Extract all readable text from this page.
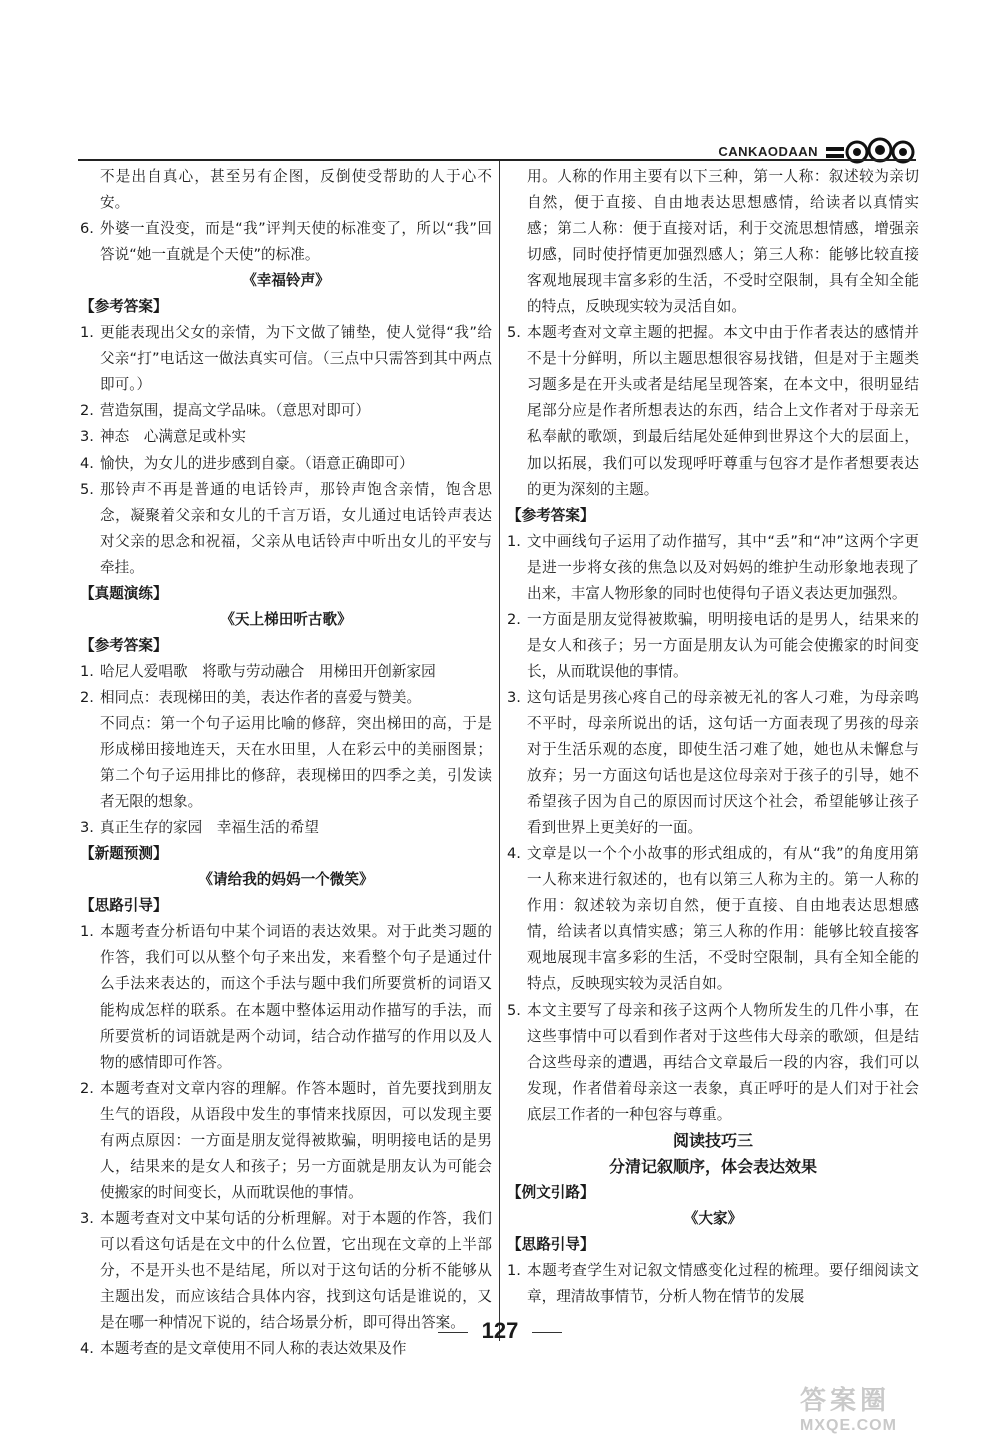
CANKAODAAN
不是出自真心，甚至另有企图，反倒使受帮助的人于心不安。
6. 外婆一直没变，而是“我”评判天使的标准变了，所以“我”回答说“她一直就是个天使”的标准。
《幸福铃声》
【参考答案】
1. 更能表现出父女的亲情，为下文做了铺垫，使人觉得“我”给父亲“打”电话这一做法真实可信。（三点中只需答到其中两点即可。）
2. 营造氛围，提高文学品味。（意思对即可）
3. 神态　心满意足或朴实
4. 愉快，为女儿的进步感到自豪。（语意正确即可）
5. 那铃声不再是普通的电话铃声，那铃声饱含亲情，饱含思念，凝聚着父亲和女儿的千言万语，女儿通过电话铃声表达对父亲的思念和祝福，父亲从电话铃声中听出女儿的平安与牵挂。
【真题演练】
《天上梯田听古歌》
【参考答案】
1. 哈尼人爱唱歌　将歌与劳动融合　用梯田开创新家园
2. 相同点：表现梯田的美，表达作者的喜爱与赞美。
不同点：第一个句子运用比喻的修辞，突出梯田的高，于是形成梯田接地连天，天在水田里，人在彩云中的美丽图景；第二个句子运用排比的修辞，表现梯田的四季之美，引发读者无限的想象。
3. 真正生存的家园　幸福生活的希望
【新题预测】
《请给我的妈妈一个微笑》
【思路引导】
1. 本题考查分析语句中某个词语的表达效果。对于此类习题的作答，我们可以从整个句子来出发，来看整个句子是通过什么手法来表达的，而这个手法与题中我们所要赏析的词语又能构成怎样的联系。在本题中整体运用动作描写的手法，而所要赏析的词语就是两个动词，结合动作描写的作用以及人物的感情即可作答。
2. 本题考查对文章内容的理解。作答本题时，首先要找到朋友生气的语段，从语段中发生的事情来找原因，可以发现主要有两点原因：一方面是朋友觉得被欺骗，明明接电话的是男人，结果来的是女人和孩子；另一方面就是朋友认为可能会使搬家的时间变长，从而耽误他的事情。
3. 本题考查对文中某句话的分析理解。对于本题的作答，我们可以看这句话是在文中的什么位置，它出现在文章的上半部分，不是开头也不是结尾，所以对于这句话的分析不能够从主题出发，而应该结合具体内容，找到这句话是谁说的，又是在哪一种情况下说的，结合场景分析，即可得出答案。
4. 本题考查的是文章使用不同人称的表达效果及作
用。人称的作用主要有以下三种，第一人称：叙述较为亲切自然，便于直接、自由地表达思想感情，给读者以真情实感；第二人称：便于直接对话，利于交流思想情感，增强亲切感，同时使抒情更加强烈感人；第三人称：能够比较直接客观地展现丰富多彩的生活，不受时空限制，具有全知全能的特点，反映现实较为灵活自如。
5. 本题考查对文章主题的把握。本文中由于作者表达的感情并不是十分鲜明，所以主题思想很容易找错，但是对于主题类习题多是在开头或者是结尾呈现答案，在本文中，很明显结尾部分应是作者所想表达的东西，结合上文作者对于母亲无私奉献的歌颂，到最后结尾处延伸到世界这个大的层面上，加以拓展，我们可以发现呼吁尊重与包容才是作者想要表达的更为深刻的主题。
【参考答案】
1. 文中画线句子运用了动作描写，其中“丢”和“冲”这两个字更是进一步将女孩的焦急以及对妈妈的维护生动形象地表现了出来，丰富人物形象的同时也使得句子语义表达更加强烈。
2. 一方面是朋友觉得被欺骗，明明接电话的是男人，结果来的是女人和孩子；另一方面是朋友认为可能会使搬家的时间变长，从而耽误他的事情。
3. 这句话是男孩心疼自己的母亲被无礼的客人刁难，为母亲鸣不平时，母亲所说出的话，这句话一方面表现了男孩的母亲对于生活乐观的态度，即使生活刁难了她，她也从未懈怠与放弃；另一方面这句话也是这位母亲对于孩子的引导，她不希望孩子因为自己的原因而讨厌这个社会，希望能够让孩子看到世界上更美好的一面。
4. 文章是以一个个小故事的形式组成的，有从“我”的角度用第一人称来进行叙述的，也有以第三人称为主的。第一人称的作用：叙述较为亲切自然，便于直接、自由地表达思想感情，给读者以真情实感；第三人称的作用：能够比较直接客观地展现丰富多彩的生活，不受时空限制，具有全知全能的特点，反映现实较为灵活自如。
5. 本文主要写了母亲和孩子这两个人物所发生的几件小事，在这些事情中可以看到作者对于这些伟大母亲的歌颂，但是结合这些母亲的遭遇，再结合文章最后一段的内容，我们可以发现，作者借着母亲这一表象，真正呼吁的是人们对于社会底层工作者的一种包容与尊重。
阅读技巧三
分清记叙顺序，体会表达效果
【例文引路】
《大家》
【思路引导】
1. 本题考查学生对记叙文情感变化过程的梳理。要仔细阅读文章，理清故事情节，分析人物在情节的发展
127
答案圈
MXQE.COM
